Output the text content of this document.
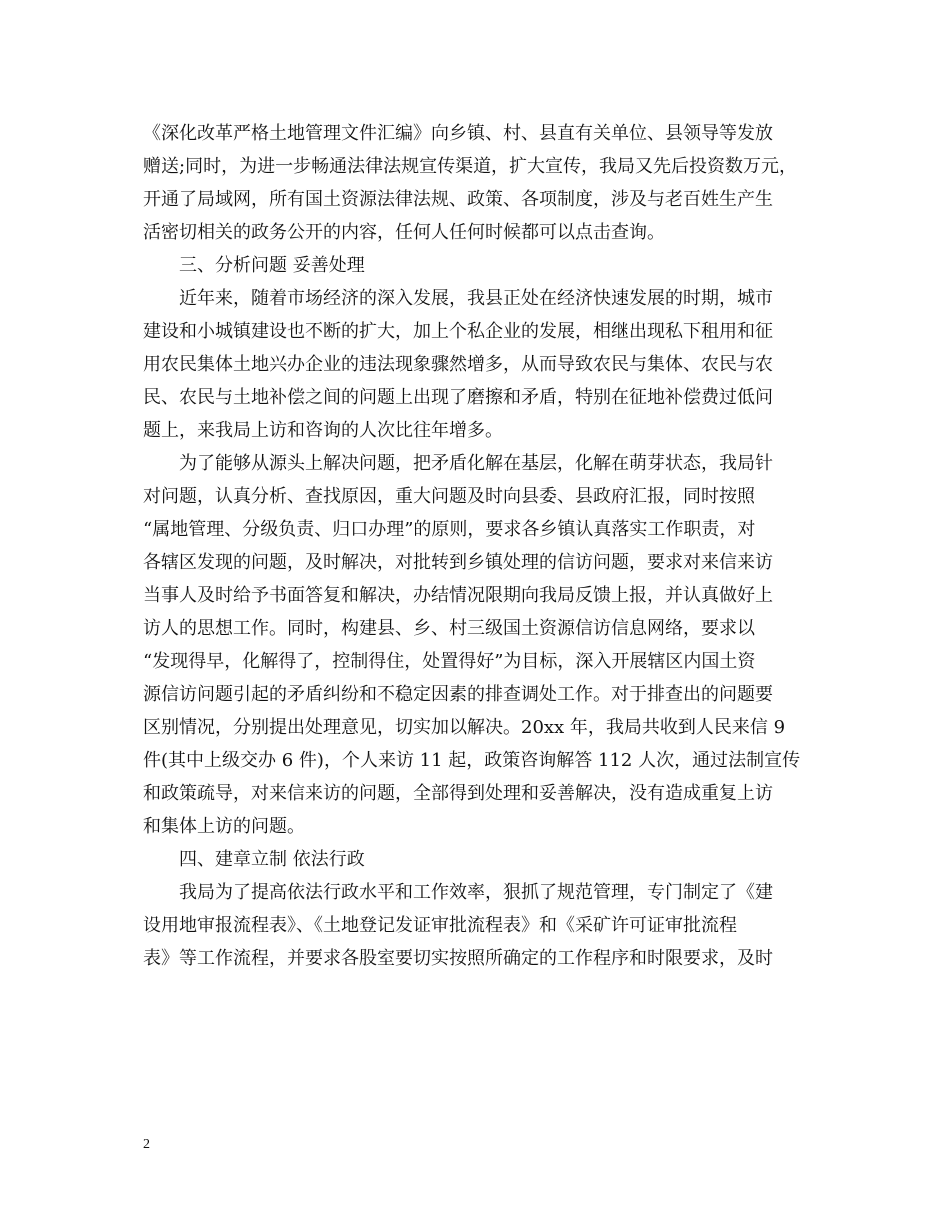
《深化改革严格土地管理文件汇编》向乡镇、村、县直有关单位、县领导等发放
赠送;同时，为进一步畅通法律法规宣传渠道，扩大宣传，我局又先后投资数万元，
开通了局域网，所有国土资源法律法规、政策、各项制度，涉及与老百姓生产生
活密切相关的政务公开的内容，任何人任何时候都可以点击查询。
　　三、分析问题 妥善处理
　　近年来，随着市场经济的深入发展，我县正处在经济快速发展的时期，城市
建设和小城镇建设也不断的扩大，加上个私企业的发展，相继出现私下租用和征
用农民集体土地兴办企业的违法现象骤然增多，从而导致农民与集体、农民与农
民、农民与土地补偿之间的问题上出现了磨擦和矛盾，特别在征地补偿费过低问
题上，来我局上访和咨询的人次比往年增多。
　　为了能够从源头上解决问题，把矛盾化解在基层，化解在萌芽状态，我局针
对问题，认真分析、查找原因，重大问题及时向县委、县政府汇报，同时按照
“属地管理、分级负责、归口办理”的原则，要求各乡镇认真落实工作职责，对
各辖区发现的问题，及时解决，对批转到乡镇处理的信访问题，要求对来信来访
当事人及时给予书面答复和解决，办结情况限期向我局反馈上报，并认真做好上
访人的思想工作。同时，构建县、乡、村三级国土资源信访信息网络，要求以
“发现得早，化解得了，控制得住，处置得好”为目标，深入开展辖区内国土资
源信访问题引起的矛盾纠纷和不稳定因素的排查调处工作。对于排查出的问题要
区别情况，分别提出处理意见，切实加以解决。20xx 年，我局共收到人民来信 9
件(其中上级交办 6 件)，个人来访 11 起，政策咨询解答 112 人次，通过法制宣传
和政策疏导，对来信来访的问题，全部得到处理和妥善解决，没有造成重复上访
和集体上访的问题。
　　四、建章立制 依法行政
　　我局为了提高依法行政水平和工作效率，狠抓了规范管理，专门制定了《建
设用地审报流程表》、《土地登记发证审批流程表》和《采矿许可证审批流程
表》等工作流程，并要求各股室要切实按照所确定的工作程序和时限要求，及时
2
